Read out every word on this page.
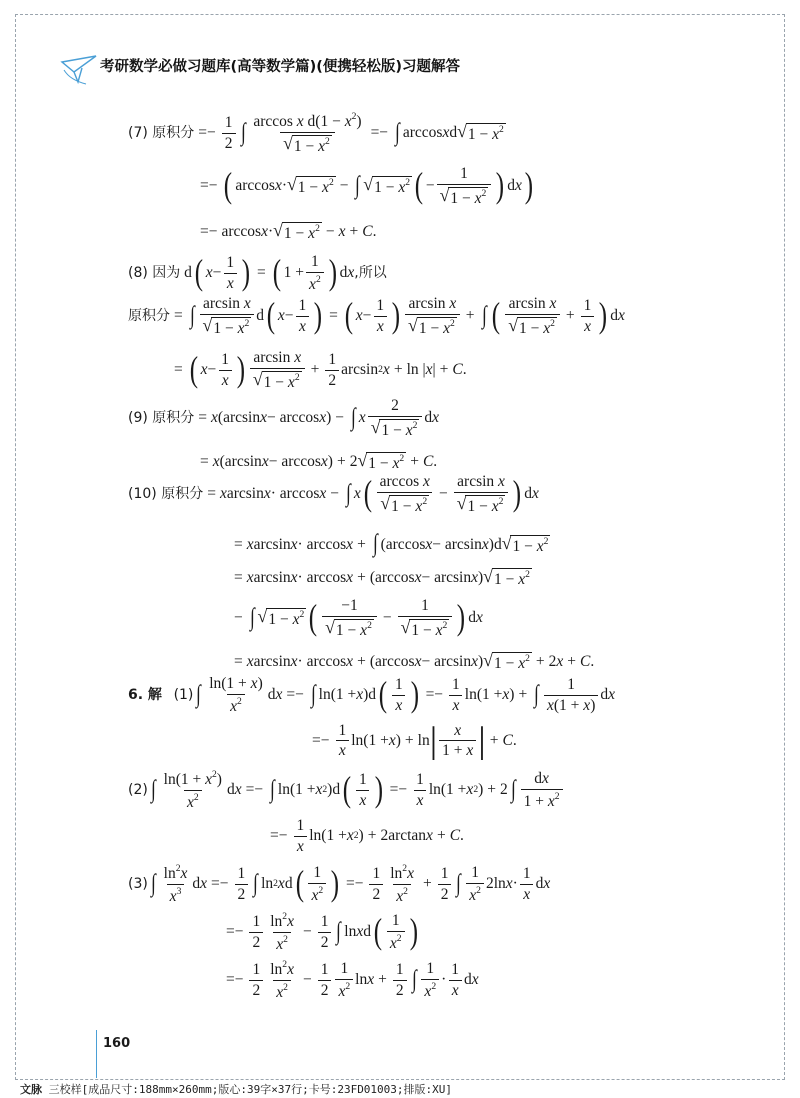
考研数学必做习题库(高等数学篇)(便携轻松版)习题解答
(7) 原积分 =− $\frac{1}{2}$ ∫ $\frac{\arccos x d(1 - x^2)}{√ 1 - x^2}$ =− ∫ arccos x d √ $1 - x^2$
=− ( arccos x · √ $1 - x^2$ − ∫ √ $1 - x^2$ ( − $\frac{1}{√ 1 - x^2}$ ) d x )
=− arccos x · √ $1 - x^2 - x + C$ .
(8) 因为 d ( $x - \frac{1}{x}$ ) = ( $1 + \frac{1}{x^2}$ ) d x ,所以
原积分 = ∫ $\frac{\text{arcsin x}}{√ 1 - x^2}$ d ( $x - \frac{1}{x}$ ) = ( $x - \frac{1}{x}$ ) $\frac{\text{arcsin x}}{√ 1 - x^2}$ + ∫ ( $\frac{\text{arcsin x}}{√ 1 - x^2} + \frac{1}{x}$ ) d x
= ( $x - \frac{1}{x}$ ) $\frac{\text{arcsin x}}{√ 1 - x^2} + \frac{1}{2}$ arcsin 2 x + ln | x | + C .
(9) 原积分 = x (arcsin x − arccos x ) − ∫ x $\frac{2}{√ 1 - x^2}$ d x
= x (arcsin x − arccos x ) + 2 √ $1 - x^2 + C$ .
(10) 原积分 = x arcsin x · arccos x − ∫ x ( $\frac{\text{arccos x}}{√ 1 - x^2} - \frac{\text{arcsin x}}{√ 1 - x^2}$ ) d x
= x arcsin x · arccos x + ∫ (arccos x − arcsin x )d √ $1 - x^2$
= x arcsin x · arccos x + (arccos x − arcsin x ) √ $1 - x^2$
− ∫ √ $1 - x^2$ ( $\frac{-1}{√ 1 - x^2} - \frac{1}{√ 1 - x^2}$ ) d x
= x arcsin x · arccos x + (arccos x − arcsin x ) √ $1 - x^2 + 2$ x + C .
6. 解
(1) ∫ $\frac{\ln(1 + x)}{x^2}$ d x =− ∫ ln(1 + x )d ( $\frac{1}{x}$ ) =− $\frac{1}{x} \ln(1 + x$ ) + ∫ $\frac{1}{x(1 + x)}$ d x
=− $\frac{1}{x} \ln(1 + x$ ) + ln | $\frac{x}{1 + x}$ | + C .
(2) ∫ $\frac{\ln(1 + x^2)}{x^2}$ d x =− ∫ ln(1 + x 2 )d ( $\frac{1}{x}$ ) =− $\frac{1}{x} \ln(1 + x$ 2 ) + 2 ∫ $\frac{dx}{1 + x^2}$
=− $\frac{1}{x} \ln(1 + x$ 2 ) + 2arctan x + C .
(3) ∫ $\frac{\ln^2x}{x^3}$ d $x =- \frac{1}{2}$ ∫ ln 2 x d ( $\frac{1}{x^2}$ ) =− $\frac{1}{2} \frac{\ln^2x}{x^2} + \frac{1}{2}$ ∫ $\frac{1}{x^2} 2\ln$ $x \cdot \frac{1}{x}$ d x
=− $\frac{1}{2} \frac{\ln^2x}{x^2} - \frac{1}{2}$ ∫ ln x d ( $\frac{1}{x^2}$ )
=− $\frac{1}{2} \frac{\ln^2x}{x^2} - \frac{1}{2} \frac{1}{x^2}$ $\ln x + \frac{1}{2}$ ∫ $\frac{1}{x^2} \cdot \frac{1}{x}$ d x
160
文脉 三校样[成品尺寸:188mm×260mm;版心:39字×37行;卡号:23FD01003;排版:XU]
